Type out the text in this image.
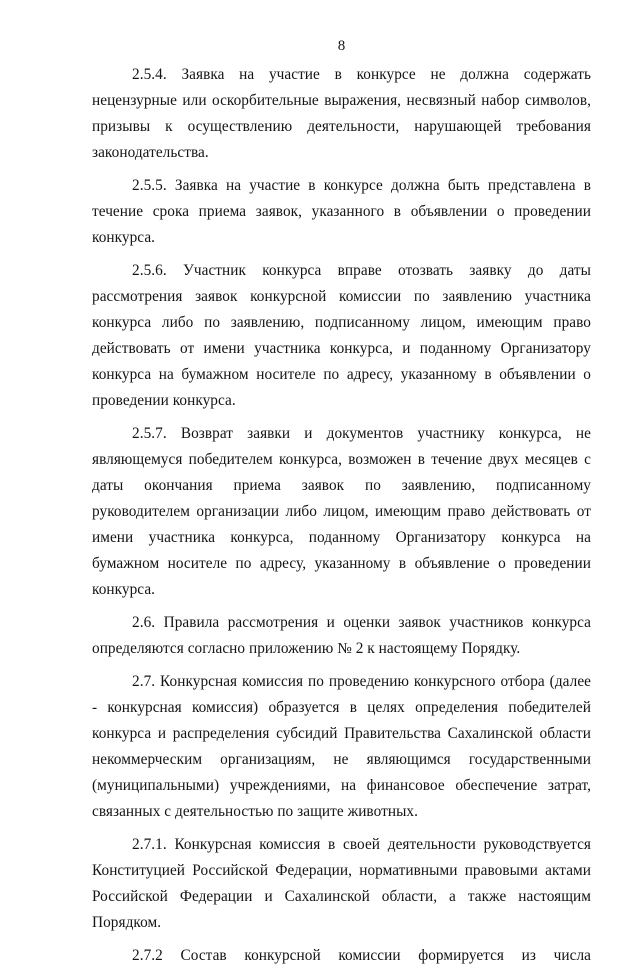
8

2.5.4. Заявка на участие в конкурсе не должна содержать нецензурные или оскорбительные выражения, несвязный набор символов, призывы к осуществлению деятельности, нарушающей требования законодательства.

2.5.5. Заявка на участие в конкурсе должна быть представлена в течение срока приема заявок, указанного в объявлении о проведении конкурса.

2.5.6. Участник конкурса вправе отозвать заявку до даты рассмотрения заявок конкурсной комиссии по заявлению участника конкурса либо по заявлению, подписанному лицом, имеющим право действовать от имени участника конкурса, и поданному Организатору конкурса на бумажном носителе по адресу, указанному в объявлении о проведении конкурса.

2.5.7. Возврат заявки и документов участнику конкурса, не являющемуся победителем конкурса, возможен в течение двух месяцев с даты окончания приема заявок по заявлению, подписанному руководителем организации либо лицом, имеющим право действовать от имени участника конкурса, поданному Организатору конкурса на бумажном носителе по адресу, указанному в объявление о проведении конкурса.

2.6. Правила рассмотрения и оценки заявок участников конкурса определяются согласно приложению № 2 к настоящему Порядку.

2.7. Конкурсная комиссия по проведению конкурсного отбора (далее - конкурсная комиссия) образуется в целях определения победителей конкурса и распределения субсидий Правительства Сахалинской области некоммерческим организациям, не являющимся государственными (муниципальными) учреждениями, на финансовое обеспечение затрат, связанных с деятельностью по защите животных.

2.7.1. Конкурсная комиссия в своей деятельности руководствуется Конституцией Российской Федерации, нормативными правовыми актами Российской Федерации и Сахалинской области, а также настоящим Порядком.

2.7.2 Состав конкурсной комиссии формируется из числа
